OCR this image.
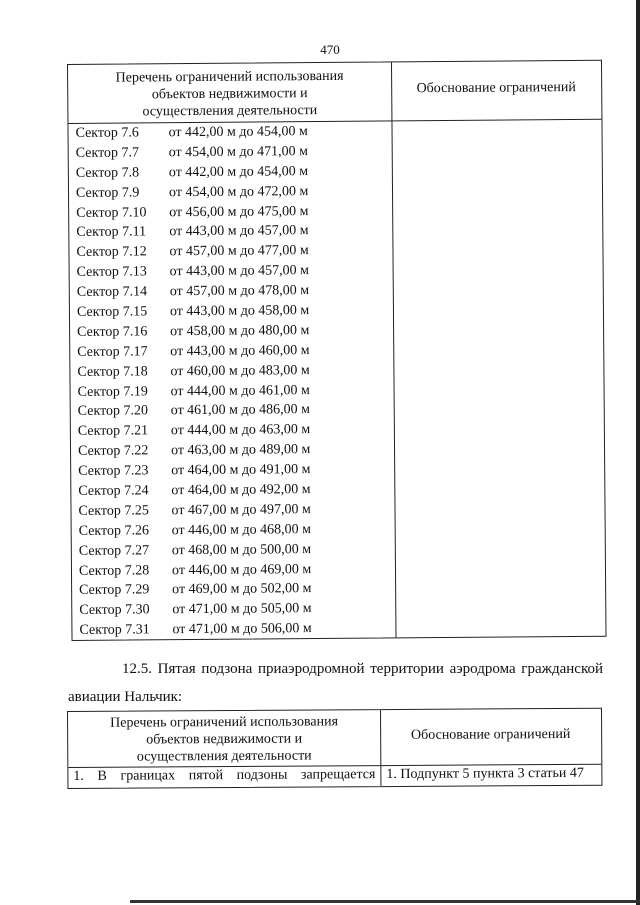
470
Перечень ограничений использования
объектов недвижимости и
осуществления деятельности
Обоснование ограничений
Сектор 7.6 от 442,00 м до 454,00 м
Сектор 7.7 от 454,00 м до 471,00 м
Сектор 7.8 от 442,00 м до 454,00 м
Сектор 7.9 от 454,00 м до 472,00 м
Сектор 7.10 от 456,00 м до 475,00 м
Сектор 7.11 от 443,00 м до 457,00 м
Сектор 7.12 от 457,00 м до 477,00 м
Сектор 7.13 от 443,00 м до 457,00 м
Сектор 7.14 от 457,00 м до 478,00 м
Сектор 7.15 от 443,00 м до 458,00 м
Сектор 7.16 от 458,00 м до 480,00 м
Сектор 7.17 от 443,00 м до 460,00 м
Сектор 7.18 от 460,00 м до 483,00 м
Сектор 7.19 от 444,00 м до 461,00 м
Сектор 7.20 от 461,00 м до 486,00 м
Сектор 7.21 от 444,00 м до 463,00 м
Сектор 7.22 от 463,00 м до 489,00 м
Сектор 7.23 от 464,00 м до 491,00 м
Сектор 7.24 от 464,00 м до 492,00 м
Сектор 7.25 от 467,00 м до 497,00 м
Сектор 7.26 от 446,00 м до 468,00 м
Сектор 7.27 от 468,00 м до 500,00 м
Сектор 7.28 от 446,00 м до 469,00 м
Сектор 7.29 от 469,00 м до 502,00 м
Сектор 7.30 от 471,00 м до 505,00 м
Сектор 7.31 от 471,00 м до 506,00 м
12.5. Пятая подзона приаэродромной территории аэродрома гражданской авиации Нальчик:
Перечень ограничений использования
объектов недвижимости и
осуществления деятельности
Обоснование ограничений
1. В границах пятой подзоны запрещается 1. Подпункт 5 пункта 3 статьи 47
